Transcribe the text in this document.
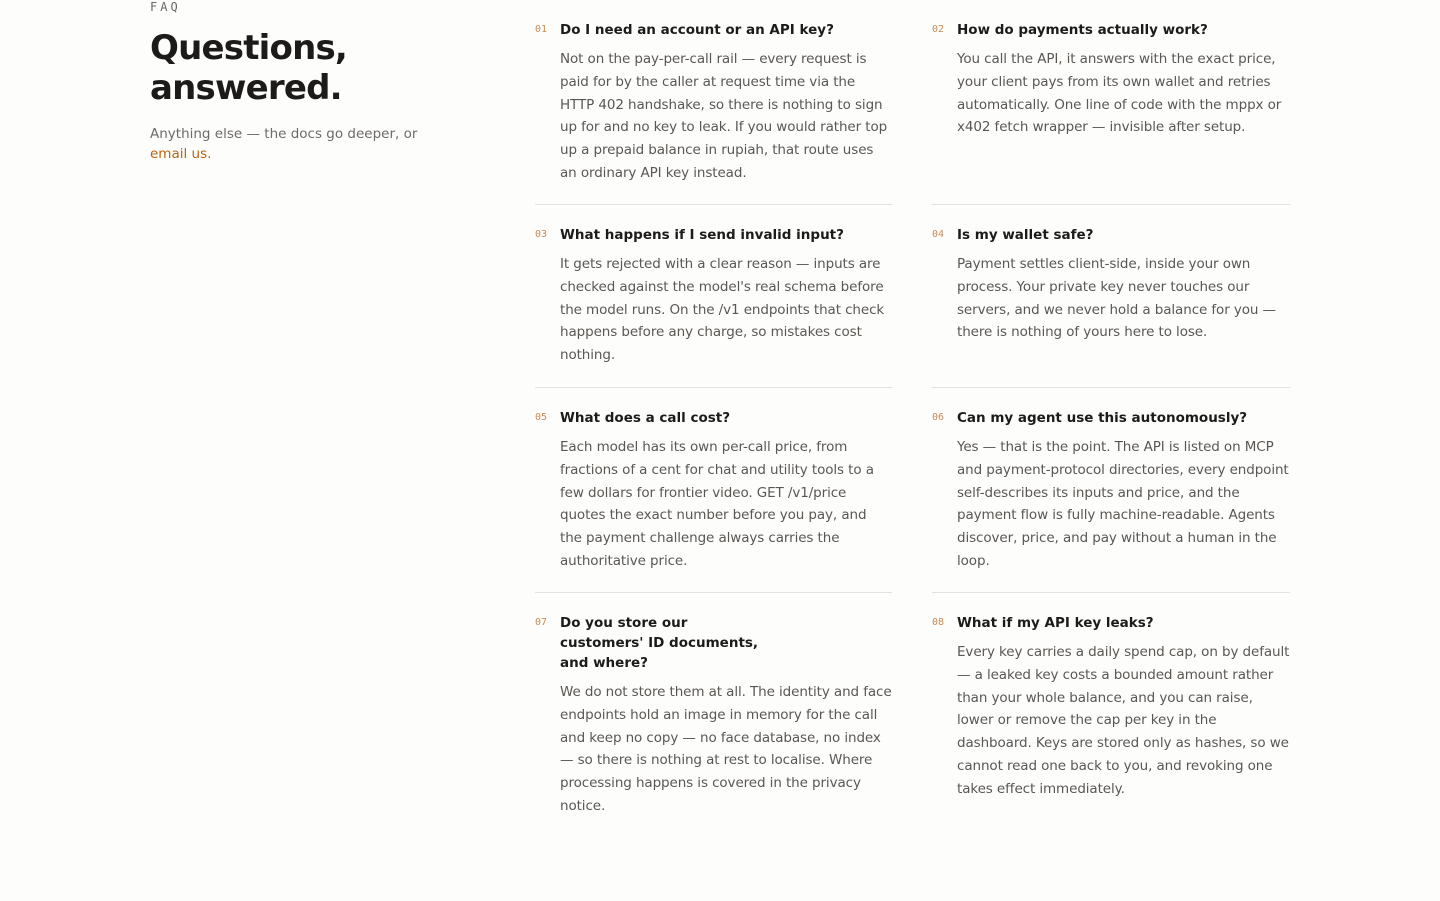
FAQ
Questions,
answered.
Anything else — the docs go deeper, or email us.
01 Do I need an account or an API key?
Not on the pay-per-call rail — every request is paid for by the caller at request time via the HTTP 402 handshake, so there is nothing to sign up for and no key to leak. If you would rather top up a prepaid balance in rupiah, that route uses an ordinary API key instead.
02 How do payments actually work?
You call the API, it answers with the exact price, your client pays from its own wallet and retries automatically. One line of code with the mppx or x402 fetch wrapper — invisible after setup.
03 What happens if I send invalid input?
It gets rejected with a clear reason — inputs are checked against the model's real schema before the model runs. On the /v1 endpoints that check happens before any charge, so mistakes cost nothing.
04 Is my wallet safe?
Payment settles client-side, inside your own process. Your private key never touches our servers, and we never hold a balance for you — there is nothing of yours here to lose.
05 What does a call cost?
Each model has its own per-call price, from fractions of a cent for chat and utility tools to a few dollars for frontier video. GET /v1/price quotes the exact number before you pay, and the payment challenge always carries the authoritative price.
06 Can my agent use this autonomously?
Yes — that is the point. The API is listed on MCP and payment-protocol directories, every endpoint self-describes its inputs and price, and the payment flow is fully machine-readable. Agents discover, price, and pay without a human in the loop.
07 Do you store our customers' ID documents, and where?
We do not store them at all. The identity and face endpoints hold an image in memory for the call and keep no copy — no face database, no index — so there is nothing at rest to localise. Where processing happens is covered in the privacy notice.
08 What if my API key leaks?
Every key carries a daily spend cap, on by default — a leaked key costs a bounded amount rather than your whole balance, and you can raise, lower or remove the cap per key in the dashboard. Keys are stored only as hashes, so we cannot read one back to you, and revoking one takes effect immediately.
